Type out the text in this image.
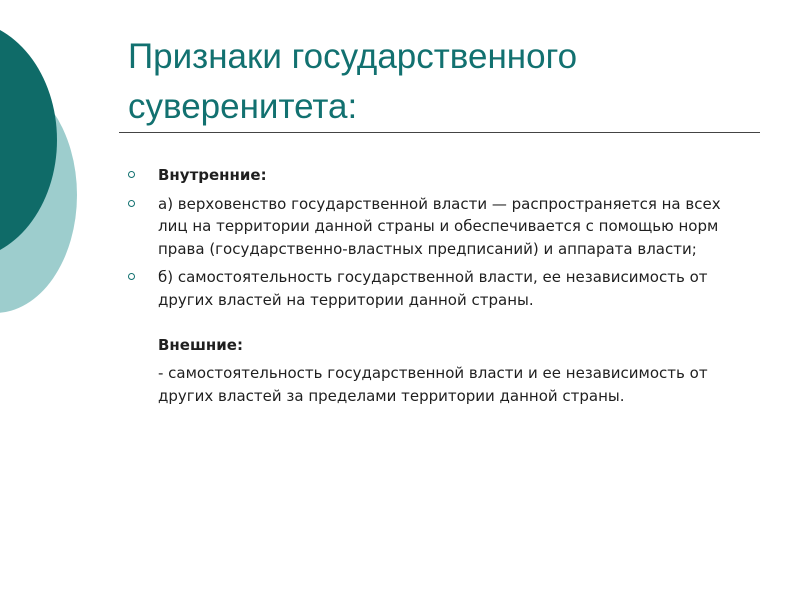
Признаки государственного
суверенитета:
Внутренние:
а) верховенство государственной власти — распространяется на всех лиц на территории данной страны и обеспечивается с помощью норм права (государственно-властных предписаний) и аппарата власти;
б) самостоятельность государственной власти, ее независимость от других властей на территории данной страны.
Внешние:
- самостоятельность государственной власти и ее независимость от других властей за пределами территории данной страны.
